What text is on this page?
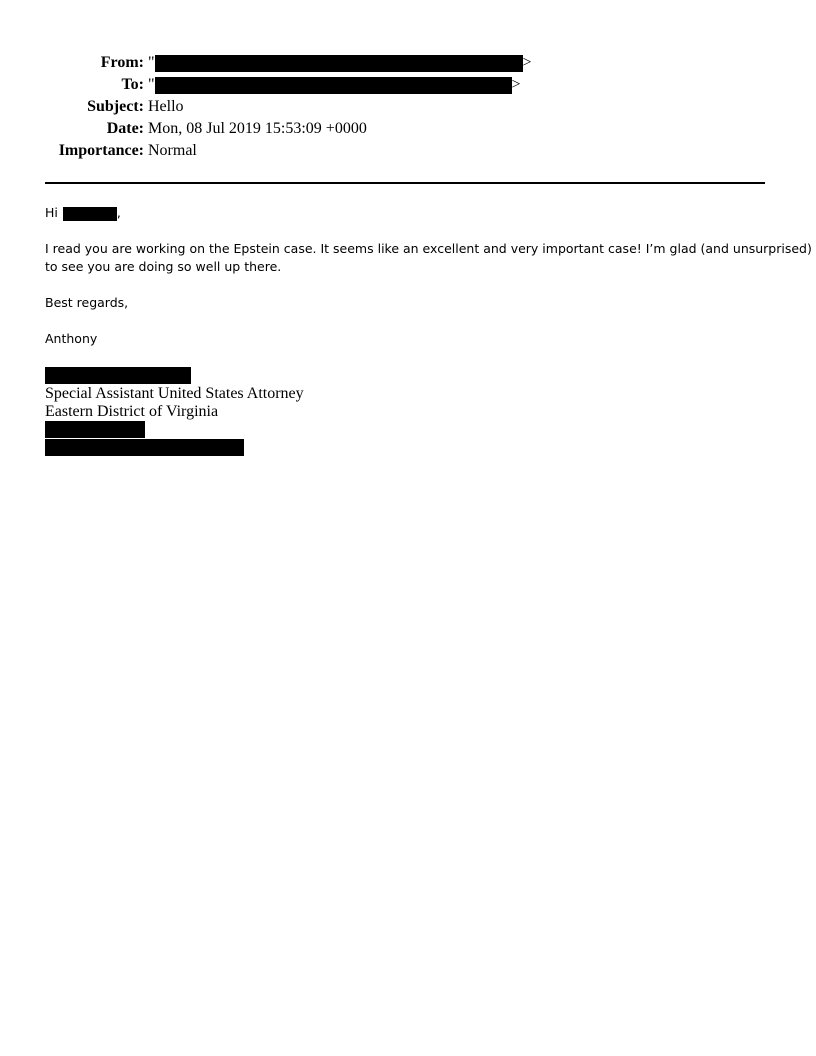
From: "	>
To: "	>
Subject: Hello
Date: Mon, 08 Jul 2019 15:53:09 +0000
Importance: Normal
Hi	,
I read you are working on the Epstein case. It seems like an excellent and very important case! I’m glad (and unsurprised)
to see you are doing so well up there.
Best regards,
Anthony
Special Assistant United States Attorney
Eastern District of Virginia
